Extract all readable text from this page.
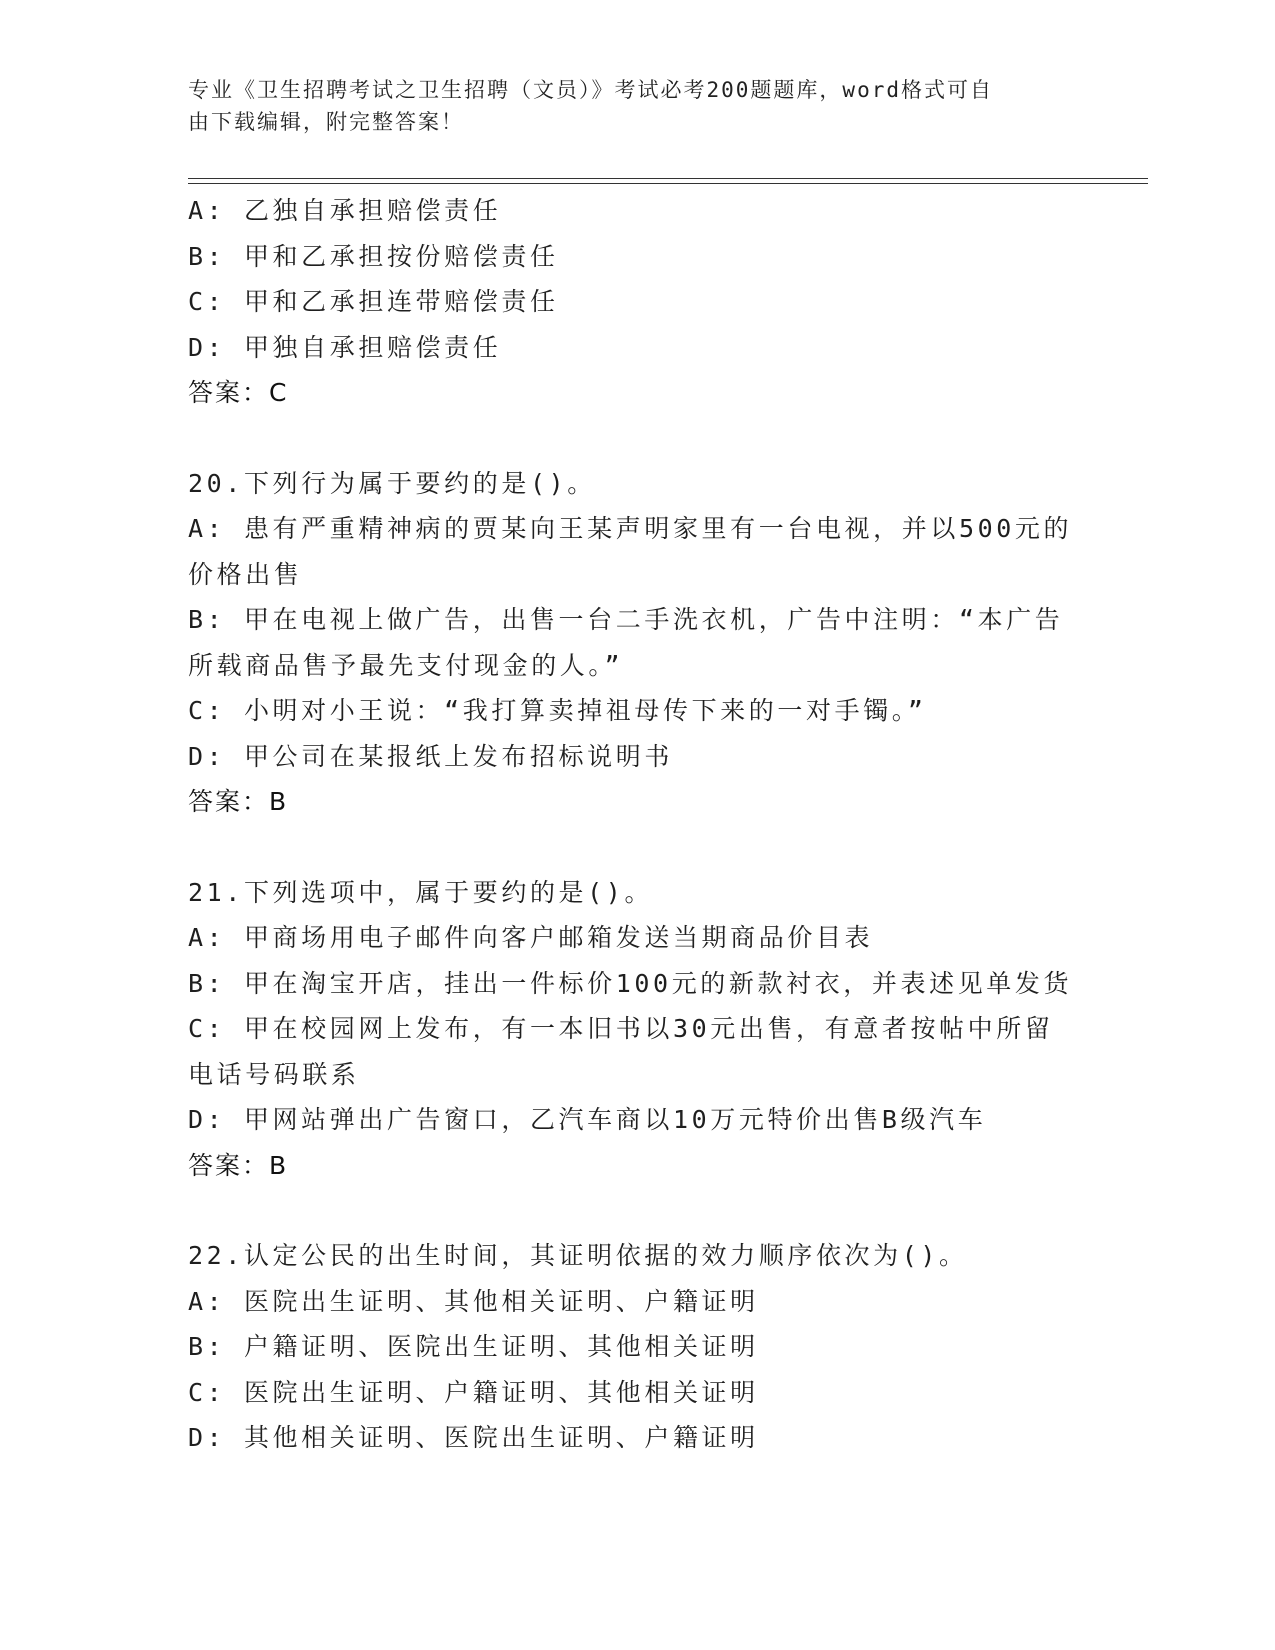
专业《卫生招聘考试之卫生招聘（文员）》考试必考200题题库，word格式可自
由下载编辑，附完整答案！
A: 乙独自承担赔偿责任
B: 甲和乙承担按份赔偿责任
C: 甲和乙承担连带赔偿责任
D: 甲独自承担赔偿责任
答案：C
20.下列行为属于要约的是()。
A: 患有严重精神病的贾某向王某声明家里有一台电视，并以500元的
价格出售
B: 甲在电视上做广告，出售一台二手洗衣机，广告中注明：“本广告
所载商品售予最先支付现金的人。”
C: 小明对小王说：“我打算卖掉祖母传下来的一对手镯。”
D: 甲公司在某报纸上发布招标说明书
答案：B
21.下列选项中，属于要约的是()。
A: 甲商场用电子邮件向客户邮箱发送当期商品价目表
B: 甲在淘宝开店，挂出一件标价100元的新款衬衣，并表述见单发货
C: 甲在校园网上发布，有一本旧书以30元出售，有意者按帖中所留
电话号码联系
D: 甲网站弹出广告窗口，乙汽车商以10万元特价出售B级汽车
答案：B
22.认定公民的出生时间，其证明依据的效力顺序依次为()。
A: 医院出生证明、其他相关证明、户籍证明
B: 户籍证明、医院出生证明、其他相关证明
C: 医院出生证明、户籍证明、其他相关证明
D: 其他相关证明、医院出生证明、户籍证明
